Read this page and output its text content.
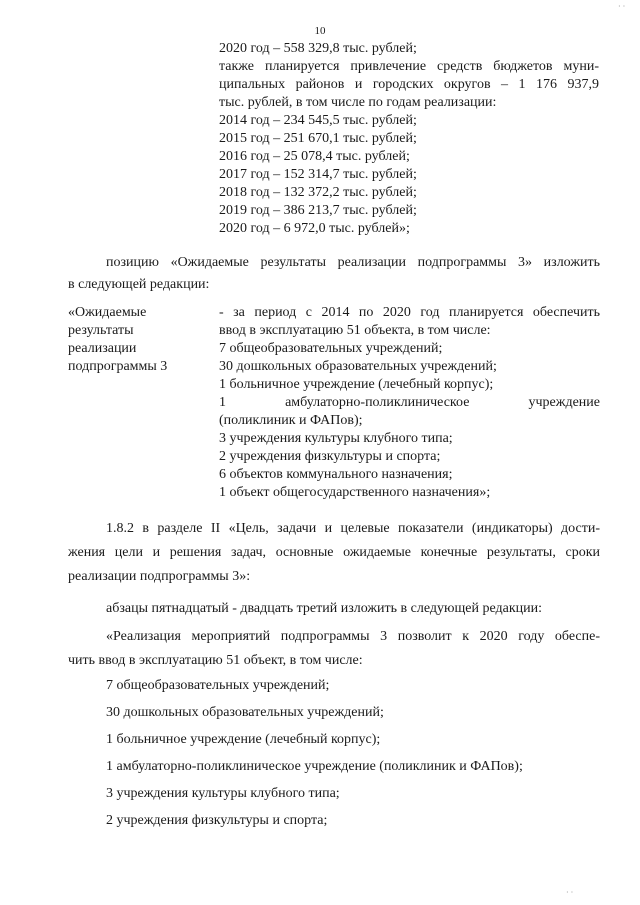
10
2020 год – 558 329,8 тыс. рублей;
также планируется привлечение средств бюджетов муни-
ципальных районов и городских округов – 1 176 937,9
тыс. рублей, в том числе по годам реализации:
2014 год – 234 545,5 тыс. рублей;
2015 год – 251 670,1 тыс. рублей;
2016 год – 25 078,4 тыс. рублей;
2017 год – 152 314,7 тыс. рублей;
2018 год – 132 372,2 тыс. рублей;
2019 год – 386 213,7 тыс. рублей;
2020 год – 6 972,0 тыс. рублей»;
позицию «Ожидаемые результаты реализации подпрограммы 3» изложить
в следующей редакции:
«Ожидаемые
результаты
реализации
подпрограммы 3
- за период с 2014 по 2020 год планируется обеспечить
ввод в эксплуатацию 51 объекта, в том числе:
7 общеобразовательных учреждений;
30 дошкольных образовательных учреждений;
1 больничное учреждение (лечебный корпус);
1	амбулаторно-поликлиническое	учреждение
(поликлиник и ФАПов);
3 учреждения культуры клубного типа;
2 учреждения физкультуры и спорта;
6 объектов коммунального назначения;
1 объект общегосударственного назначения»;
1.8.2 в разделе II «Цель, задачи и целевые показатели (индикаторы) дости-
жения цели и решения задач, основные ожидаемые конечные результаты, сроки
реализации подпрограммы 3»:
абзацы пятнадцатый - двадцать третий изложить в следующей редакции:
«Реализация мероприятий подпрограммы 3 позволит к 2020 году обеспе-
чить ввод в эксплуатацию 51 объект, в том числе:
7 общеобразовательных учреждений;
30 дошкольных образовательных учреждений;
1 больничное учреждение (лечебный корпус);
1 амбулаторно-поликлиническое учреждение (поликлиник и ФАПов);
3 учреждения культуры клубного типа;
2 учреждения физкультуры и спорта;
· ·
· ·
